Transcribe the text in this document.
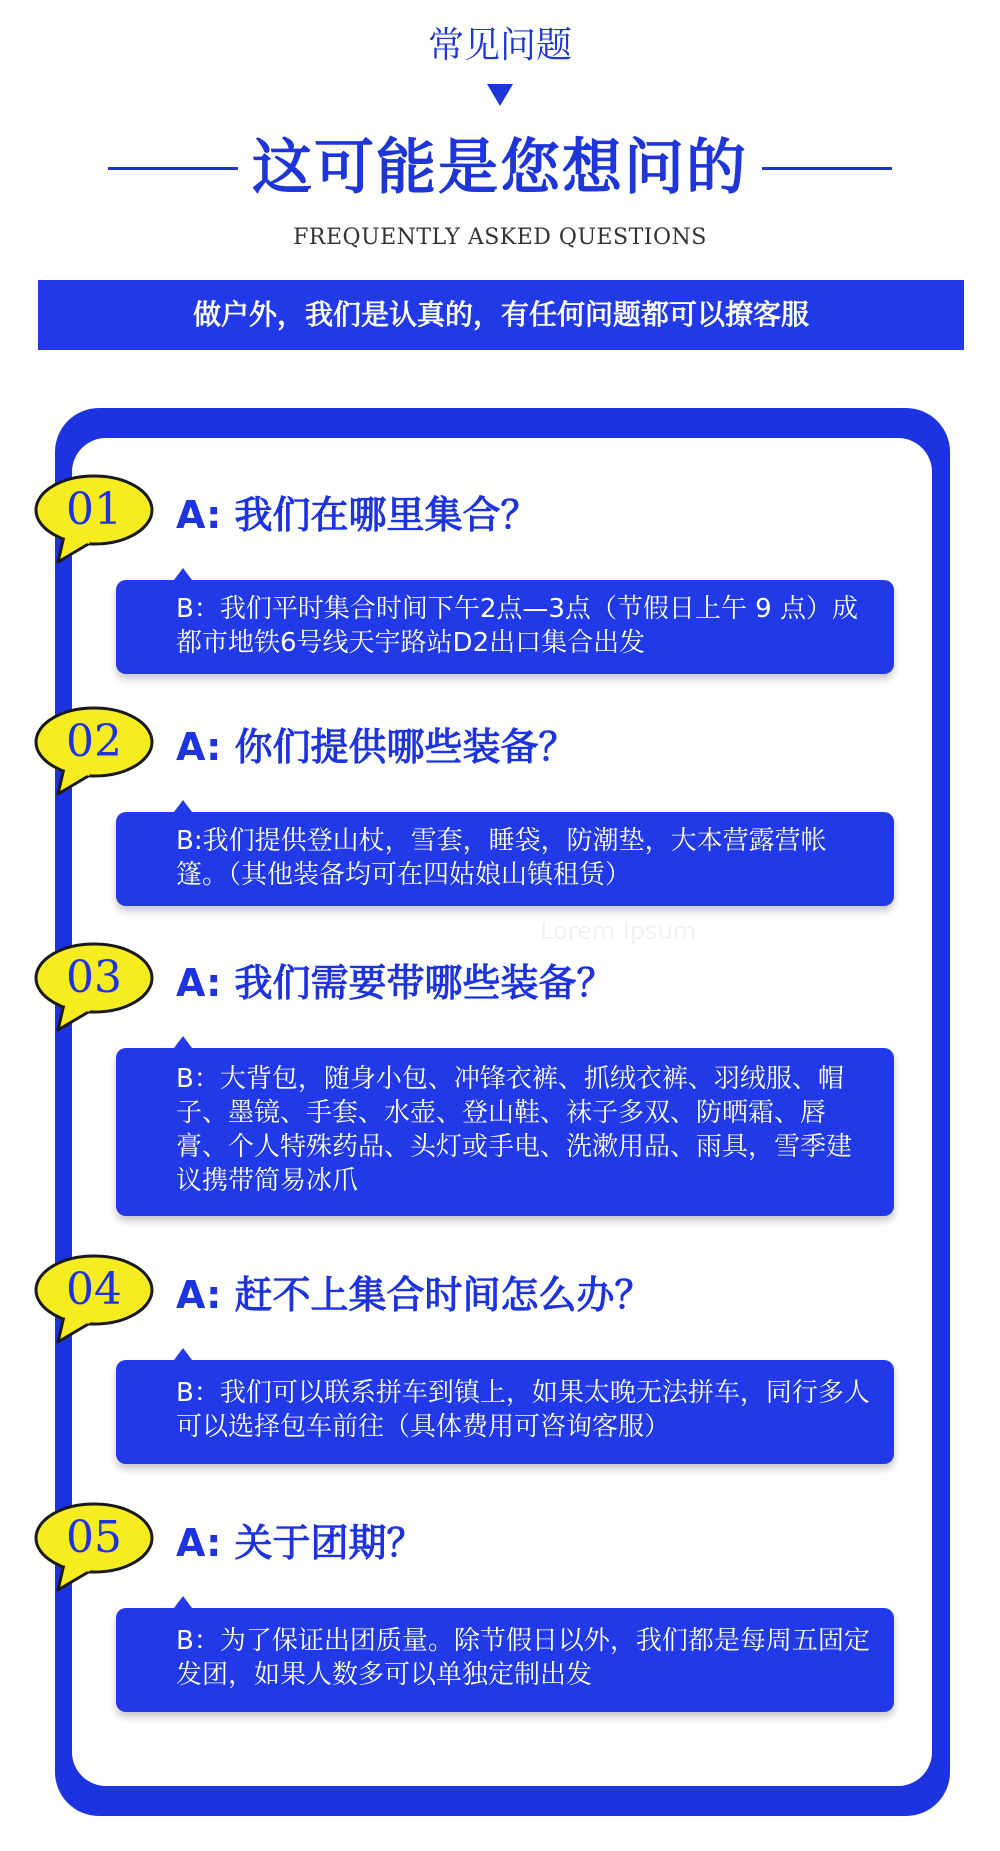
常见问题
这可能是您想问的
FREQUENTLY ASKED QUESTIONS
做户外，我们是认真的，有任何问题都可以撩客服
Lorem Ipsum
01	A: 我们在哪里集合？
B：我们平时集合时间下午2点—3点（节假日上午 9 点）成都市地铁6号线天宇路站D2出口集合出发
02	A: 你们提供哪些装备？
B:我们提供登山杖，雪套，睡袋，防潮垫，大本营露营帐篷。（其他装备均可在四姑娘山镇租赁）
03	A: 我们需要带哪些装备？
B：大背包，随身小包、冲锋衣裤、抓绒衣裤、羽绒服、帽子、墨镜、手套、水壶、登山鞋、袜子多双、防晒霜、唇膏、个人特殊药品、头灯或手电、洗漱用品、雨具，雪季建议携带简易冰爪
04	A: 赶不上集合时间怎么办？
B：我们可以联系拼车到镇上，如果太晚无法拼车，同行多人可以选择包车前往（具体费用可咨询客服）
05	A: 关于团期？
B：为了保证出团质量。除节假日以外，我们都是每周五固定发团，如果人数多可以单独定制出发
